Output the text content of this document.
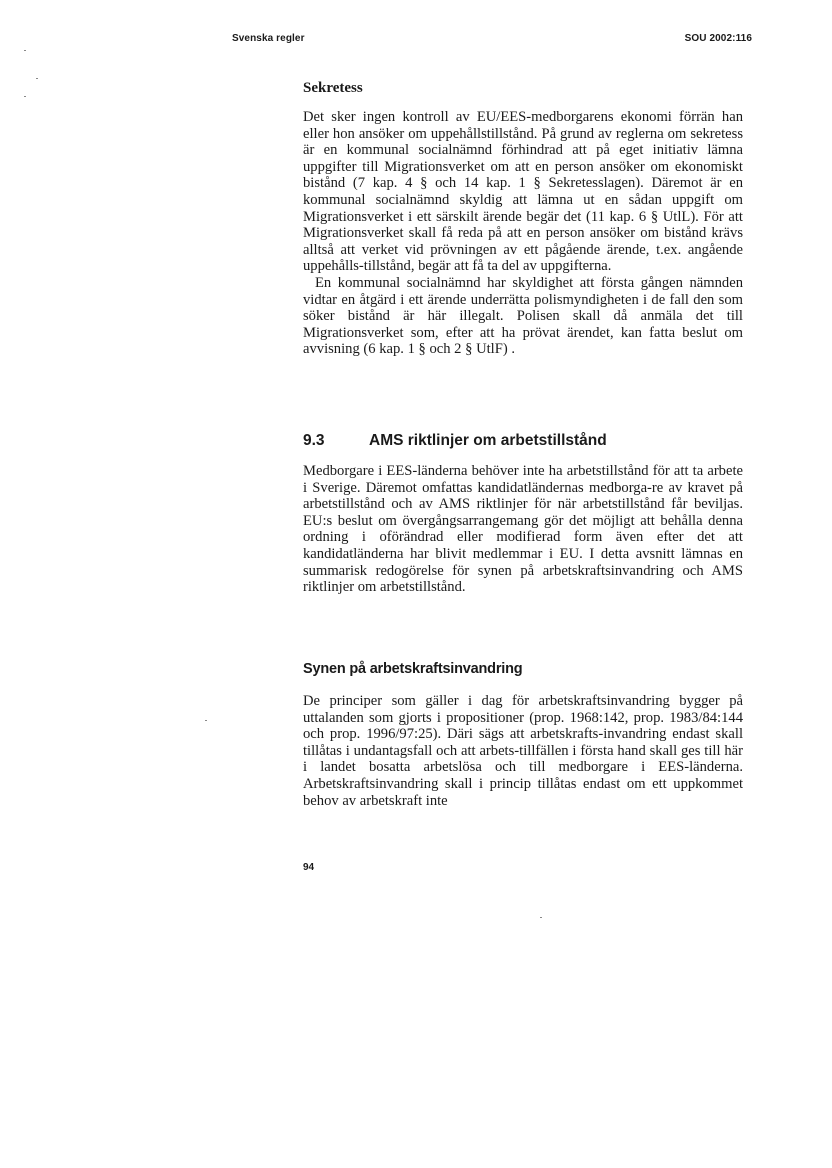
Svenska regler	SOU 2002:116
Sekretess

Det sker ingen kontroll av EU/EES-medborgarens ekonomi förrän han eller hon ansöker om uppehållstillstånd. På grund av reglerna om sekretess är en kommunal socialnämnd förhindrad att på eget initiativ lämna uppgifter till Migrationsverket om att en person ansöker om ekonomiskt bistånd (7 kap. 4 § och 14 kap. 1 § Sekretesslagen). Däremot är en kommunal socialnämnd skyldig att lämna ut en sådan uppgift om Migrationsverket i ett särskilt ärende begär det (11 kap. 6 § UtlL). För att Migrationsverket skall få reda på att en person ansöker om bistånd krävs alltså att verket vid prövningen av ett pågående ärende, t.ex. angående uppehålls-tillstånd, begär att få ta del av uppgifterna.

En kommunal socialnämnd har skyldighet att första gången nämnden vidtar en åtgärd i ett ärende underrätta polismyndigheten i de fall den som söker bistånd är här illegalt. Polisen skall då anmäla det till Migrationsverket som, efter att ha prövat ärendet, kan fatta beslut om avvisning (6 kap. 1 § och 2 § UtlF) .

9.3	AMS riktlinjer om arbetstillstånd

Medborgare i EES-länderna behöver inte ha arbetstillstånd för att ta arbete i Sverige. Däremot omfattas kandidatländernas medborga-re av kravet på arbetstillstånd och av AMS riktlinjer för när arbetstillstånd får beviljas. EU:s beslut om övergångsarrangemang gör det möjligt att behålla denna ordning i oförändrad eller modifierad form även efter det att kandidatländerna har blivit medlemmar i EU. I detta avsnitt lämnas en summarisk redogörelse för synen på arbetskraftsinvandring och AMS riktlinjer om arbetstillstånd.

Synen på arbetskraftsinvandring

De principer som gäller i dag för arbetskraftsinvandring bygger på uttalanden som gjorts i propositioner (prop. 1968:142, prop. 1983/84:144 och prop. 1996/97:25). Däri sägs att arbetskrafts-invandring endast skall tillåtas i undantagsfall och att arbets-tillfällen i första hand skall ges till här i landet bosatta arbetslösa och till medborgare i EES-länderna. Arbetskraftsinvandring skall i princip tillåtas endast om ett uppkommet behov av arbetskraft inte

94
